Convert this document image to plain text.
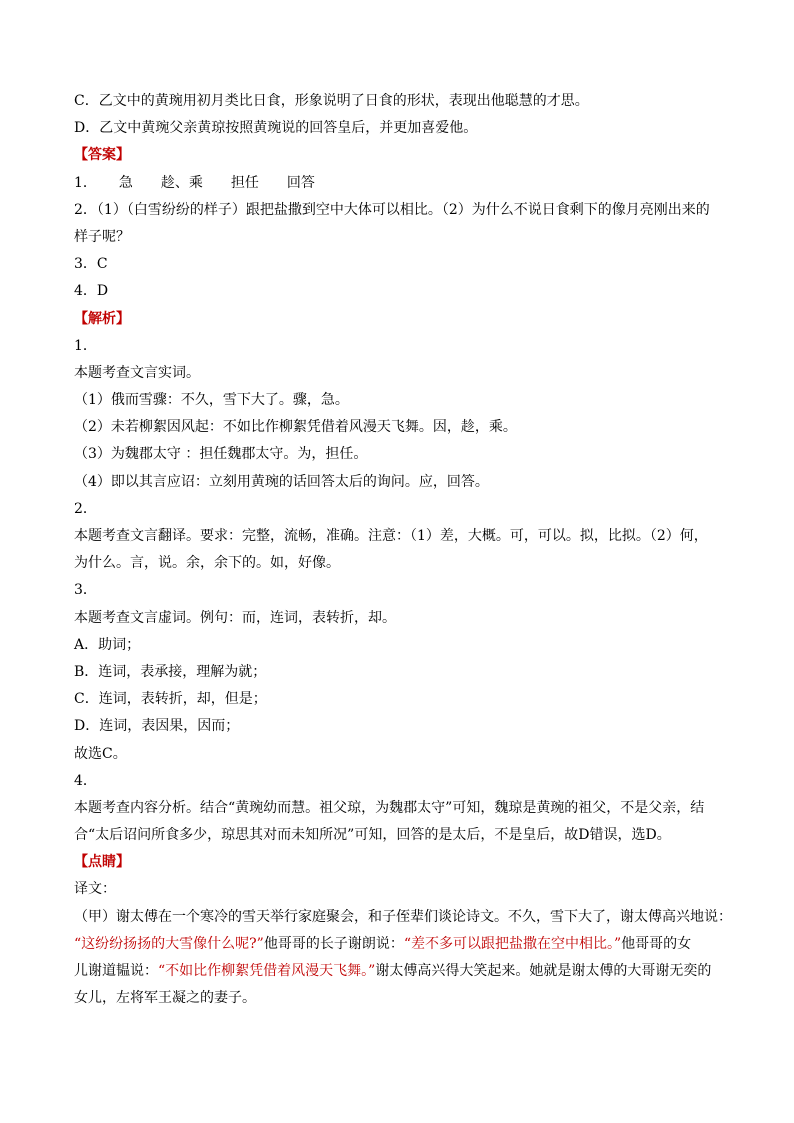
C．乙文中的黄琬用初月类比日食，形象说明了日食的形状，表现出他聪慧的才思。
D．乙文中黄琬父亲黄琼按照黄琬说的回答皇后，并更加喜爱他。
【答案】
1． 急 趁、乘 担任 回答
2．（1）（白雪纷纷的样子）跟把盐撒到空中大体可以相比。（2）为什么不说日食剩下的像月亮刚出来的
样子呢？
3．C
4．D
【解析】
1．
本题考查文言实词。
（1）俄而雪骤：不久，雪下大了。骤，急。
（2）未若柳絮因风起：不如比作柳絮凭借着风漫天飞舞。因，趁，乘。
（3）为魏郡太守 ：担任魏郡太守。为，担任。
（4）即以其言应诏：立刻用黄琬的话回答太后的询问。应，回答。
2．
本题考查文言翻译。要求：完整，流畅，准确。注意：（1）差，大概。可，可以。拟，比拟。（2）何，
为什么。言，说。余，余下的。如，好像。
3．
本题考查文言虚词。例句：而，连词，表转折，却。
A．助词；
B．连词，表承接，理解为就；
C．连词，表转折，却，但是；
D．连词，表因果，因而；
故选C。
4．
本题考查内容分析。结合“黄琬幼而慧。祖父琼，为魏郡太守”可知，魏琼是黄琬的祖父，不是父亲，结
合“太后诏问所食多少，琼思其对而未知所况”可知，回答的是太后，不是皇后，故D错误，选D。
【点睛】
译文：
（甲）谢太傅在一个寒冷的雪天举行家庭聚会，和子侄辈们谈论诗文。不久，雪下大了，谢太傅高兴地说：
“这纷纷扬扬的大雪像什么呢?”他哥哥的长子谢朗说：“差不多可以跟把盐撒在空中相比。”他哥哥的女
儿谢道韫说：“不如比作柳絮凭借着风漫天飞舞。”谢太傅高兴得大笑起来。她就是谢太傅的大哥谢无奕的
女儿，左将军王凝之的妻子。
